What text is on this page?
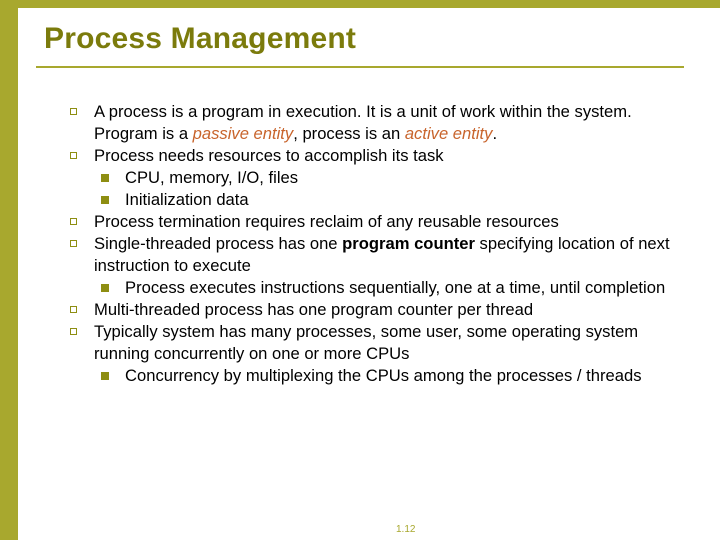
Process Management
A process is a program in execution. It is a unit of work within the system. Program is a passive entity, process is an active entity.
Process needs resources to accomplish its task
CPU, memory, I/O, files
Initialization data
Process termination requires reclaim of any reusable resources
Single-threaded process has one program counter specifying location of next instruction to execute
Process executes instructions sequentially, one at a time, until completion
Multi-threaded process has one program counter per thread
Typically system has many processes, some user, some operating system running concurrently on one or more CPUs
Concurrency by multiplexing the CPUs among the processes / threads
1.12
